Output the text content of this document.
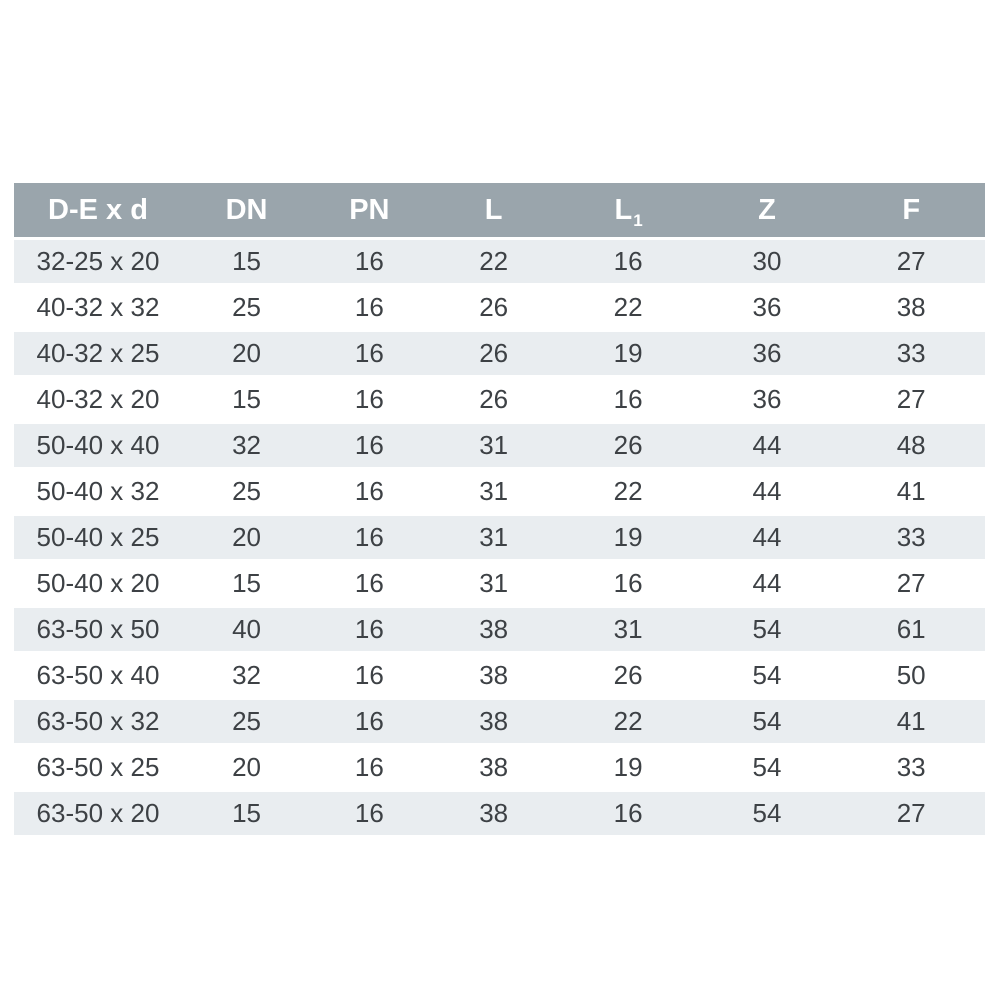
D-E x d	DN	PN	L	$L_1$	Z	F
32-25 x 20	15	16	22	16	30	27
40-32 x 32	25	16	26	22	36	38
40-32 x 25	20	16	26	19	36	33
40-32 x 20	15	16	26	16	36	27
50-40 x 40	32	16	31	26	44	48
50-40 x 32	25	16	31	22	44	41
50-40 x 25	20	16	31	19	44	33
50-40 x 20	15	16	31	16	44	27
63-50 x 50	40	16	38	31	54	61
63-50 x 40	32	16	38	26	54	50
63-50 x 32	25	16	38	22	54	41
63-50 x 25	20	16	38	19	54	33
63-50 x 20	15	16	38	16	54	27
